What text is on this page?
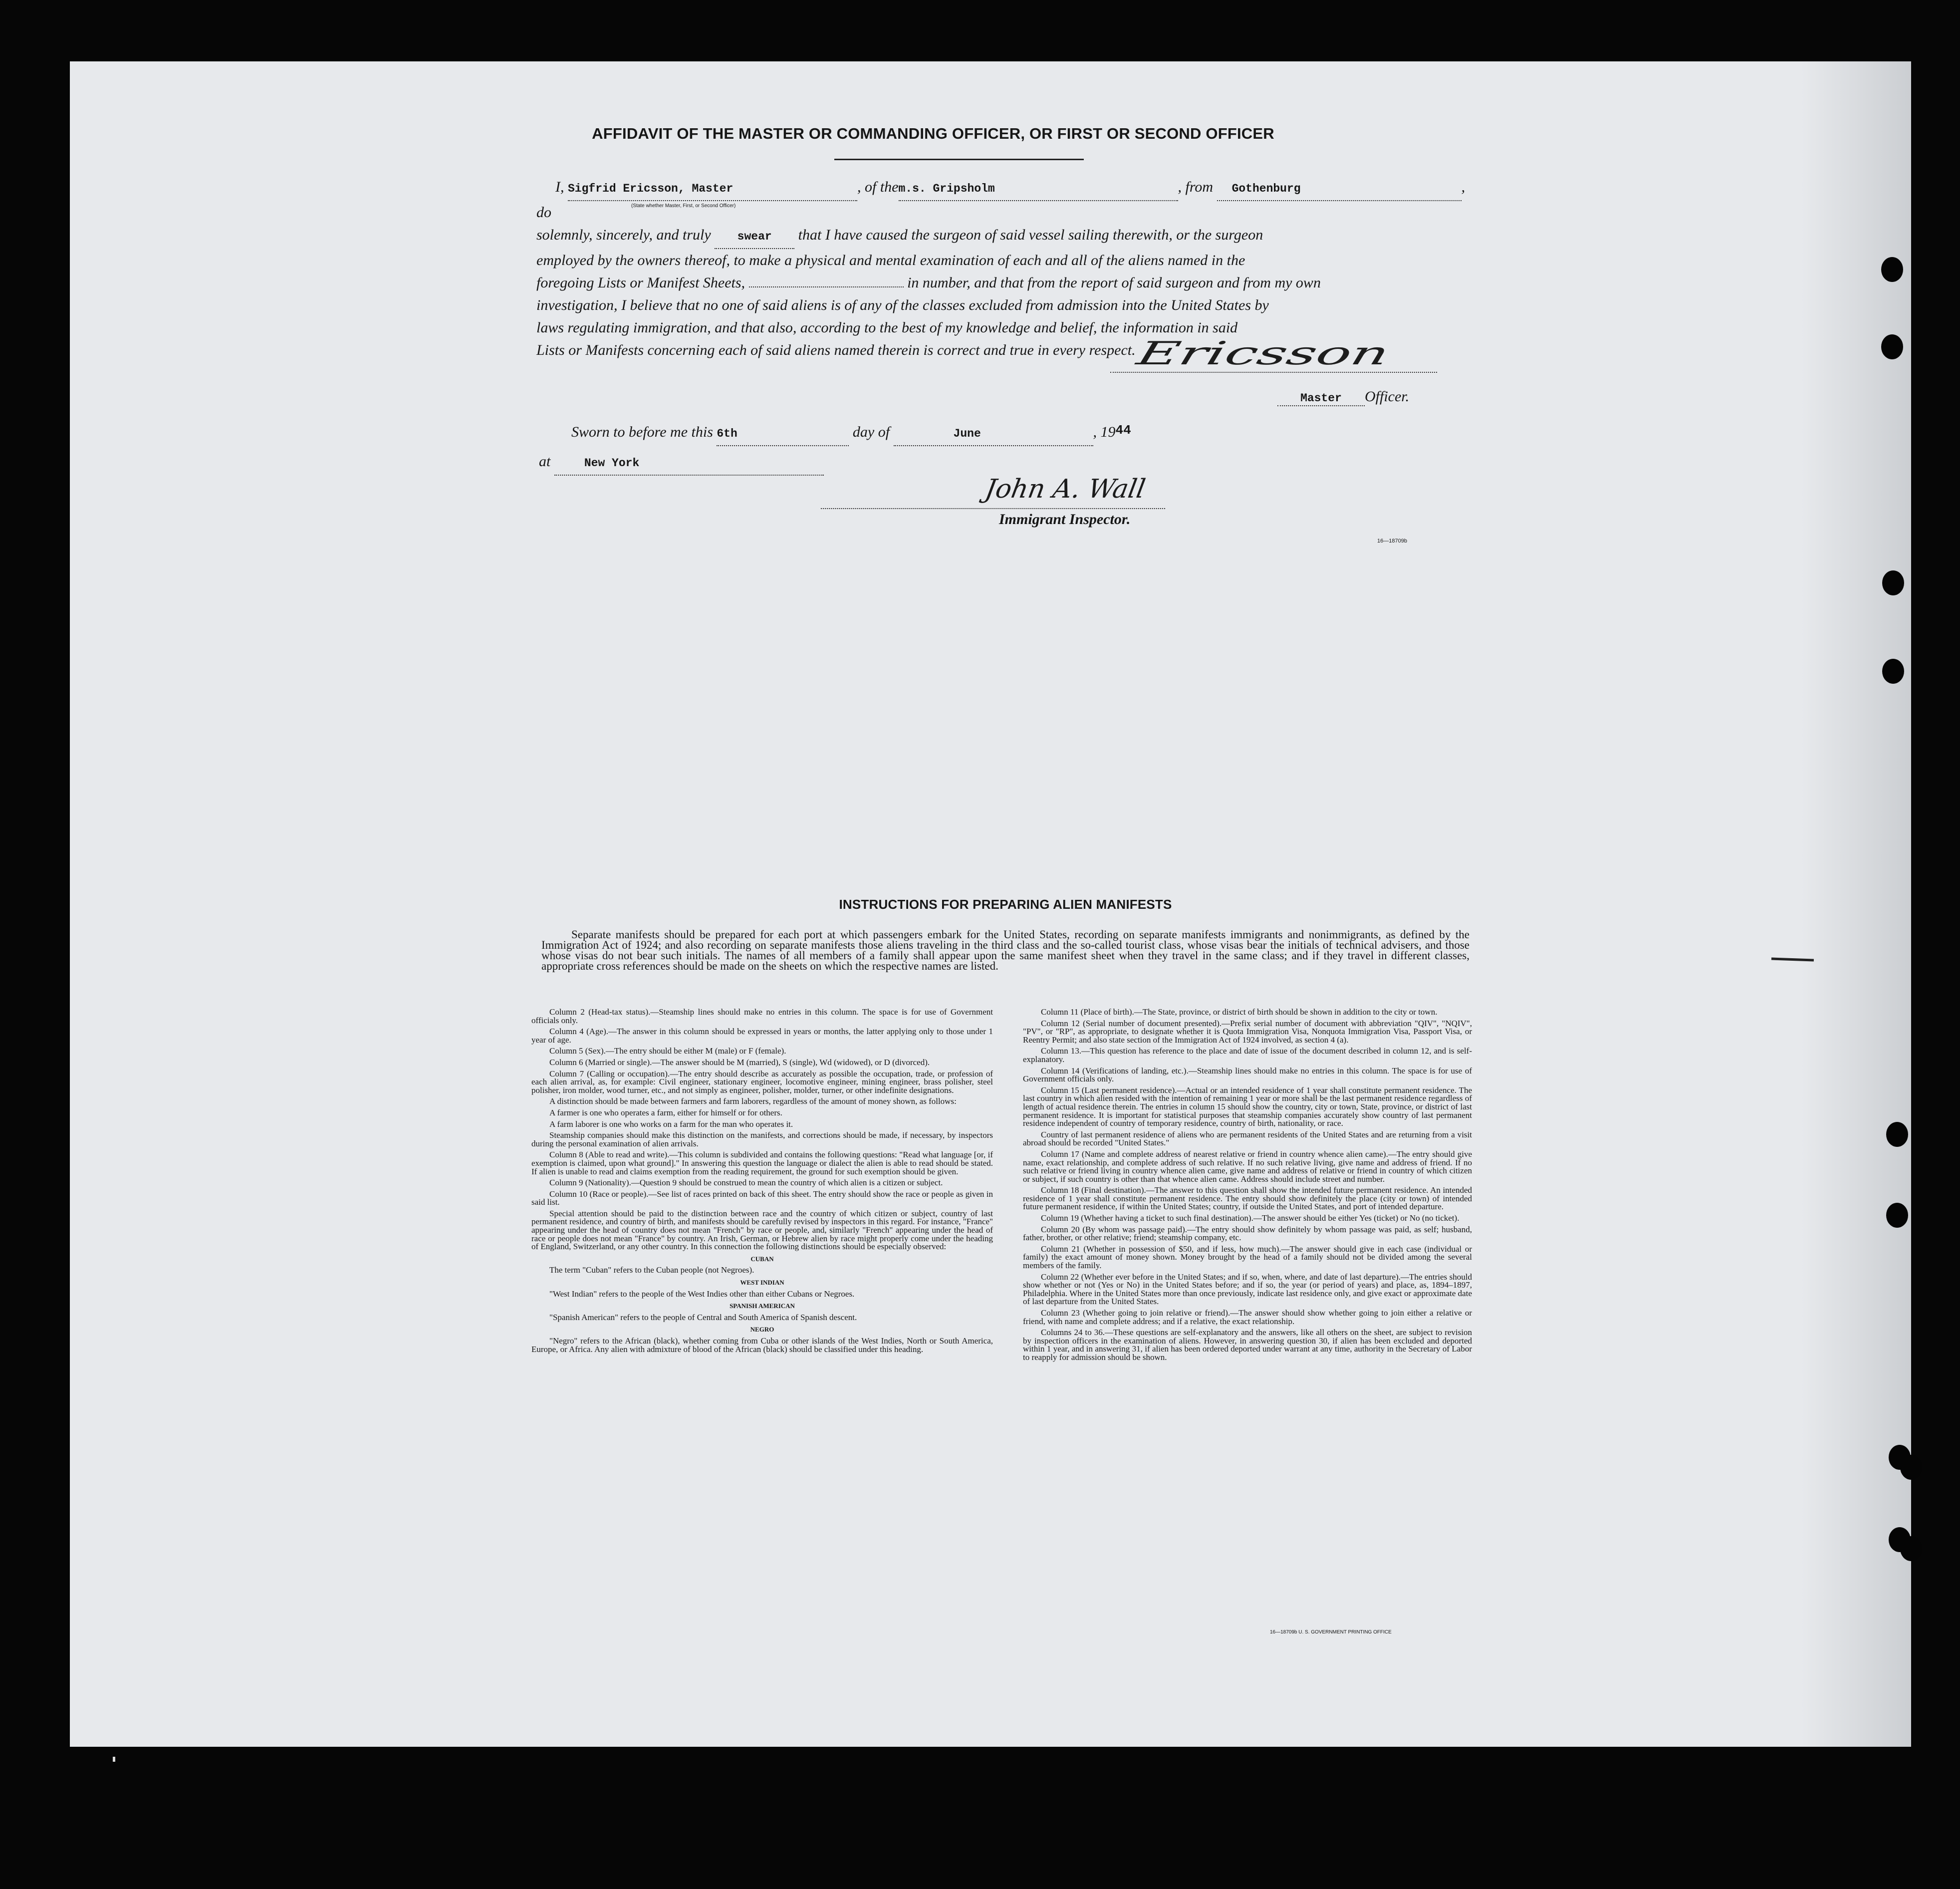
AFFIDAVIT OF THE MASTER OR COMMANDING OFFICER, OR FIRST OR SECOND OFFICER
I, Sigfrid Ericsson, Master	, of them.s. Gripsholm	, from Gothenburg	, do	(State whether Master, First, or Second Officer)
solemnly, sincerely, and truly swear that I have caused the surgeon of said vessel sailing therewith, or the surgeon
employed by the owners thereof, to make a physical and mental examination of each and all of the aliens named in the
foregoing Lists or Manifest Sheets,	in number, and that from the report of said surgeon and from my own
investigation, I believe that no one of said aliens is of any of the classes excluded from admission into the United States by
laws regulating immigration, and that also, according to the best of my knowledge and belief, the information in said
Lists or Manifests concerning each of said aliens named therein is correct and true in every respect.
Ericsson
Master Officer.
Sworn to before me this 6th	day of	June	, 1944
at	New York
John A. Wall
Immigrant Inspector.
16—18709b
INSTRUCTIONS FOR PREPARING ALIEN MANIFESTS
Separate manifests should be prepared for each port at which passengers embark for the United States, recording on separate manifests immigrants and nonimmigrants, as defined by the Immigration Act of 1924; and also recording on separate manifests those aliens traveling in the third class and the so-called tourist class, whose visas bear the initials of technical advisers, and those whose visas do not bear such initials. The names of all members of a family shall appear upon the same manifest sheet when they travel in the same class; and if they travel in different classes, appropriate cross references should be made on the sheets on which the respective names are listed.

Column 2 (Head-tax status).—Steamship lines should make no entries in this column. The space is for use of Government officials only.

Column 4 (Age).—The answer in this column should be expressed in years or months, the latter applying only to those under 1 year of age.

Column 5 (Sex).—The entry should be either M (male) or F (female).

Column 6 (Married or single).—The answer should be M (married), S (single), Wd (widowed), or D (divorced).

Column 7 (Calling or occupation).—The entry should describe as accurately as possible the occupation, trade, or profession of each alien arrival, as, for example: Civil engineer, stationary engineer, locomotive engineer, mining engineer, brass polisher, steel polisher, iron molder, wood turner, etc., and not simply as engineer, polisher, molder, turner, or other indefinite designations.

A distinction should be made between farmers and farm laborers, regardless of the amount of money shown, as follows:

A farmer is one who operates a farm, either for himself or for others.

A farm laborer is one who works on a farm for the man who operates it.

Steamship companies should make this distinction on the manifests, and corrections should be made, if necessary, by inspectors during the personal examination of alien arrivals.

Column 8 (Able to read and write).—This column is subdivided and contains the following questions: "Read what language [or, if exemption is claimed, upon what ground]." In answering this question the language or dialect the alien is able to read should be stated. If alien is unable to read and claims exemption from the reading requirement, the ground for such exemption should be given.

Column 9 (Nationality).—Question 9 should be construed to mean the country of which alien is a citizen or subject.

Column 10 (Race or people).—See list of races printed on back of this sheet. The entry should show the race or people as given in said list.

Special attention should be paid to the distinction between race and the country of which citizen or subject, country of last permanent residence, and country of birth, and manifests should be carefully revised by inspectors in this regard. For instance, "France" appearing under the head of country does not mean "French" by race or people, and, similarly "French" appearing under the head of race or people does not mean "France" by country. An Irish, German, or Hebrew alien by race might properly come under the heading of England, Switzerland, or any other country. In this connection the following distinctions should be especially observed:

CUBAN

The term "Cuban" refers to the Cuban people (not Negroes).

WEST INDIAN

"West Indian" refers to the people of the West Indies other than either Cubans or Negroes.

SPANISH AMERICAN

"Spanish American" refers to the people of Central and South America of Spanish descent.

NEGRO

"Negro" refers to the African (black), whether coming from Cuba or other islands of the West Indies, North or South America, Europe, or Africa. Any alien with admixture of blood of the African (black) should be classified under this heading.

Column 11 (Place of birth).—The State, province, or district of birth should be shown in addition to the city or town.

Column 12 (Serial number of document presented).—Prefix serial number of document with abbreviation "QIV", "NQIV", "PV", or "RP", as appropriate, to designate whether it is Quota Immigration Visa, Nonquota Immigration Visa, Passport Visa, or Reentry Permit; and also state section of the Immigration Act of 1924 involved, as section 4 (a).

Column 13.—This question has reference to the place and date of issue of the document described in column 12, and is self-explanatory.

Column 14 (Verifications of landing, etc.).—Steamship lines should make no entries in this column. The space is for use of Government officials only.

Column 15 (Last permanent residence).—Actual or an intended residence of 1 year shall constitute permanent residence. The last country in which alien resided with the intention of remaining 1 year or more shall be the last permanent residence regardless of length of actual residence therein. The entries in column 15 should show the country, city or town, State, province, or district of last permanent residence. It is important for statistical purposes that steamship companies accurately show country of last permanent residence independent of country of temporary residence, country of birth, nationality, or race.

Country of last permanent residence of aliens who are permanent residents of the United States and are returning from a visit abroad should be recorded "United States."

Column 17 (Name and complete address of nearest relative or friend in country whence alien came).—The entry should give name, exact relationship, and complete address of such relative. If no such relative living, give name and address of friend. If no such relative or friend living in country whence alien came, give name and address of relative or friend in country of which citizen or subject, if such country is other than that whence alien came. Address should include street and number.

Column 18 (Final destination).—The answer to this question shall show the intended future permanent residence. An intended residence of 1 year shall constitute permanent residence. The entry should show definitely the place (city or town) of intended future permanent residence, if within the United States; country, if outside the United States, and port of intended departure.

Column 19 (Whether having a ticket to such final destination).—The answer should be either Yes (ticket) or No (no ticket).

Column 20 (By whom was passage paid).—The entry should show definitely by whom passage was paid, as self; husband, father, brother, or other relative; friend; steamship company, etc.

Column 21 (Whether in possession of $50, and if less, how much).—The answer should give in each case (individual or family) the exact amount of money shown. Money brought by the head of a family should not be divided among the several members of the family.

Column 22 (Whether ever before in the United States; and if so, when, where, and date of last departure).—The entries should show whether or not (Yes or No) in the United States before; and if so, the year (or period of years) and place, as, 1894–1897, Philadelphia. Where in the United States more than once previously, indicate last residence only, and give exact or approximate date of last departure from the United States.

Column 23 (Whether going to join relative or friend).—The answer should show whether going to join either a relative or friend, with name and complete address; and if a relative, the exact relationship.

Columns 24 to 36.—These questions are self-explanatory and the answers, like all others on the sheet, are subject to revision by inspection officers in the examination of aliens. However, in answering question 30, if alien has been excluded and deported within 1 year, and in answering 31, if alien has been ordered deported under warrant at any time, authority in the Secretary of Labor to reapply for admission should be shown.

16—18709b U. S. GOVERNMENT PRINTING OFFICE
